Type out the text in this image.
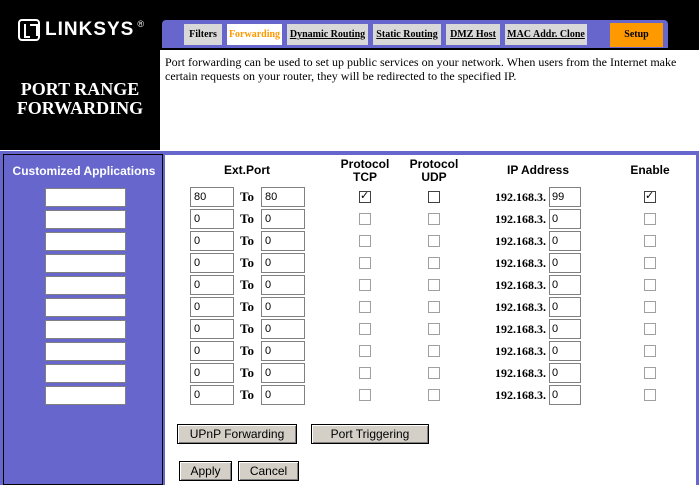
LINKSYS ®
Filters	Forwarding Dynamic Routing	Static Routing	DMZ Host	MAC Addr. Clone	Setup
PORT RANGE
FORWARDING
Port forwarding can be used to set up public services on your network. When users from the Internet make certain requests on your router, they will be redirected to the specified IP.
Customized Applications	Ext.Port	Protocol
TCP
Protocol
UDP	IP Address	Enable
80	To	80
✓	192.168.3. 99
✓
0	To	0	192.168.3. 0
0	To	0	192.168.3. 0
0	To	0	192.168.3. 0
0	To	0	192.168.3. 0
0	To	0	192.168.3. 0
0	To	0	192.168.3. 0
0	To	0	192.168.3. 0
0	To	0	192.168.3. 0
0	To	0	192.168.3. 0
UPnP Forwarding	Port Triggering
Apply	Cancel
